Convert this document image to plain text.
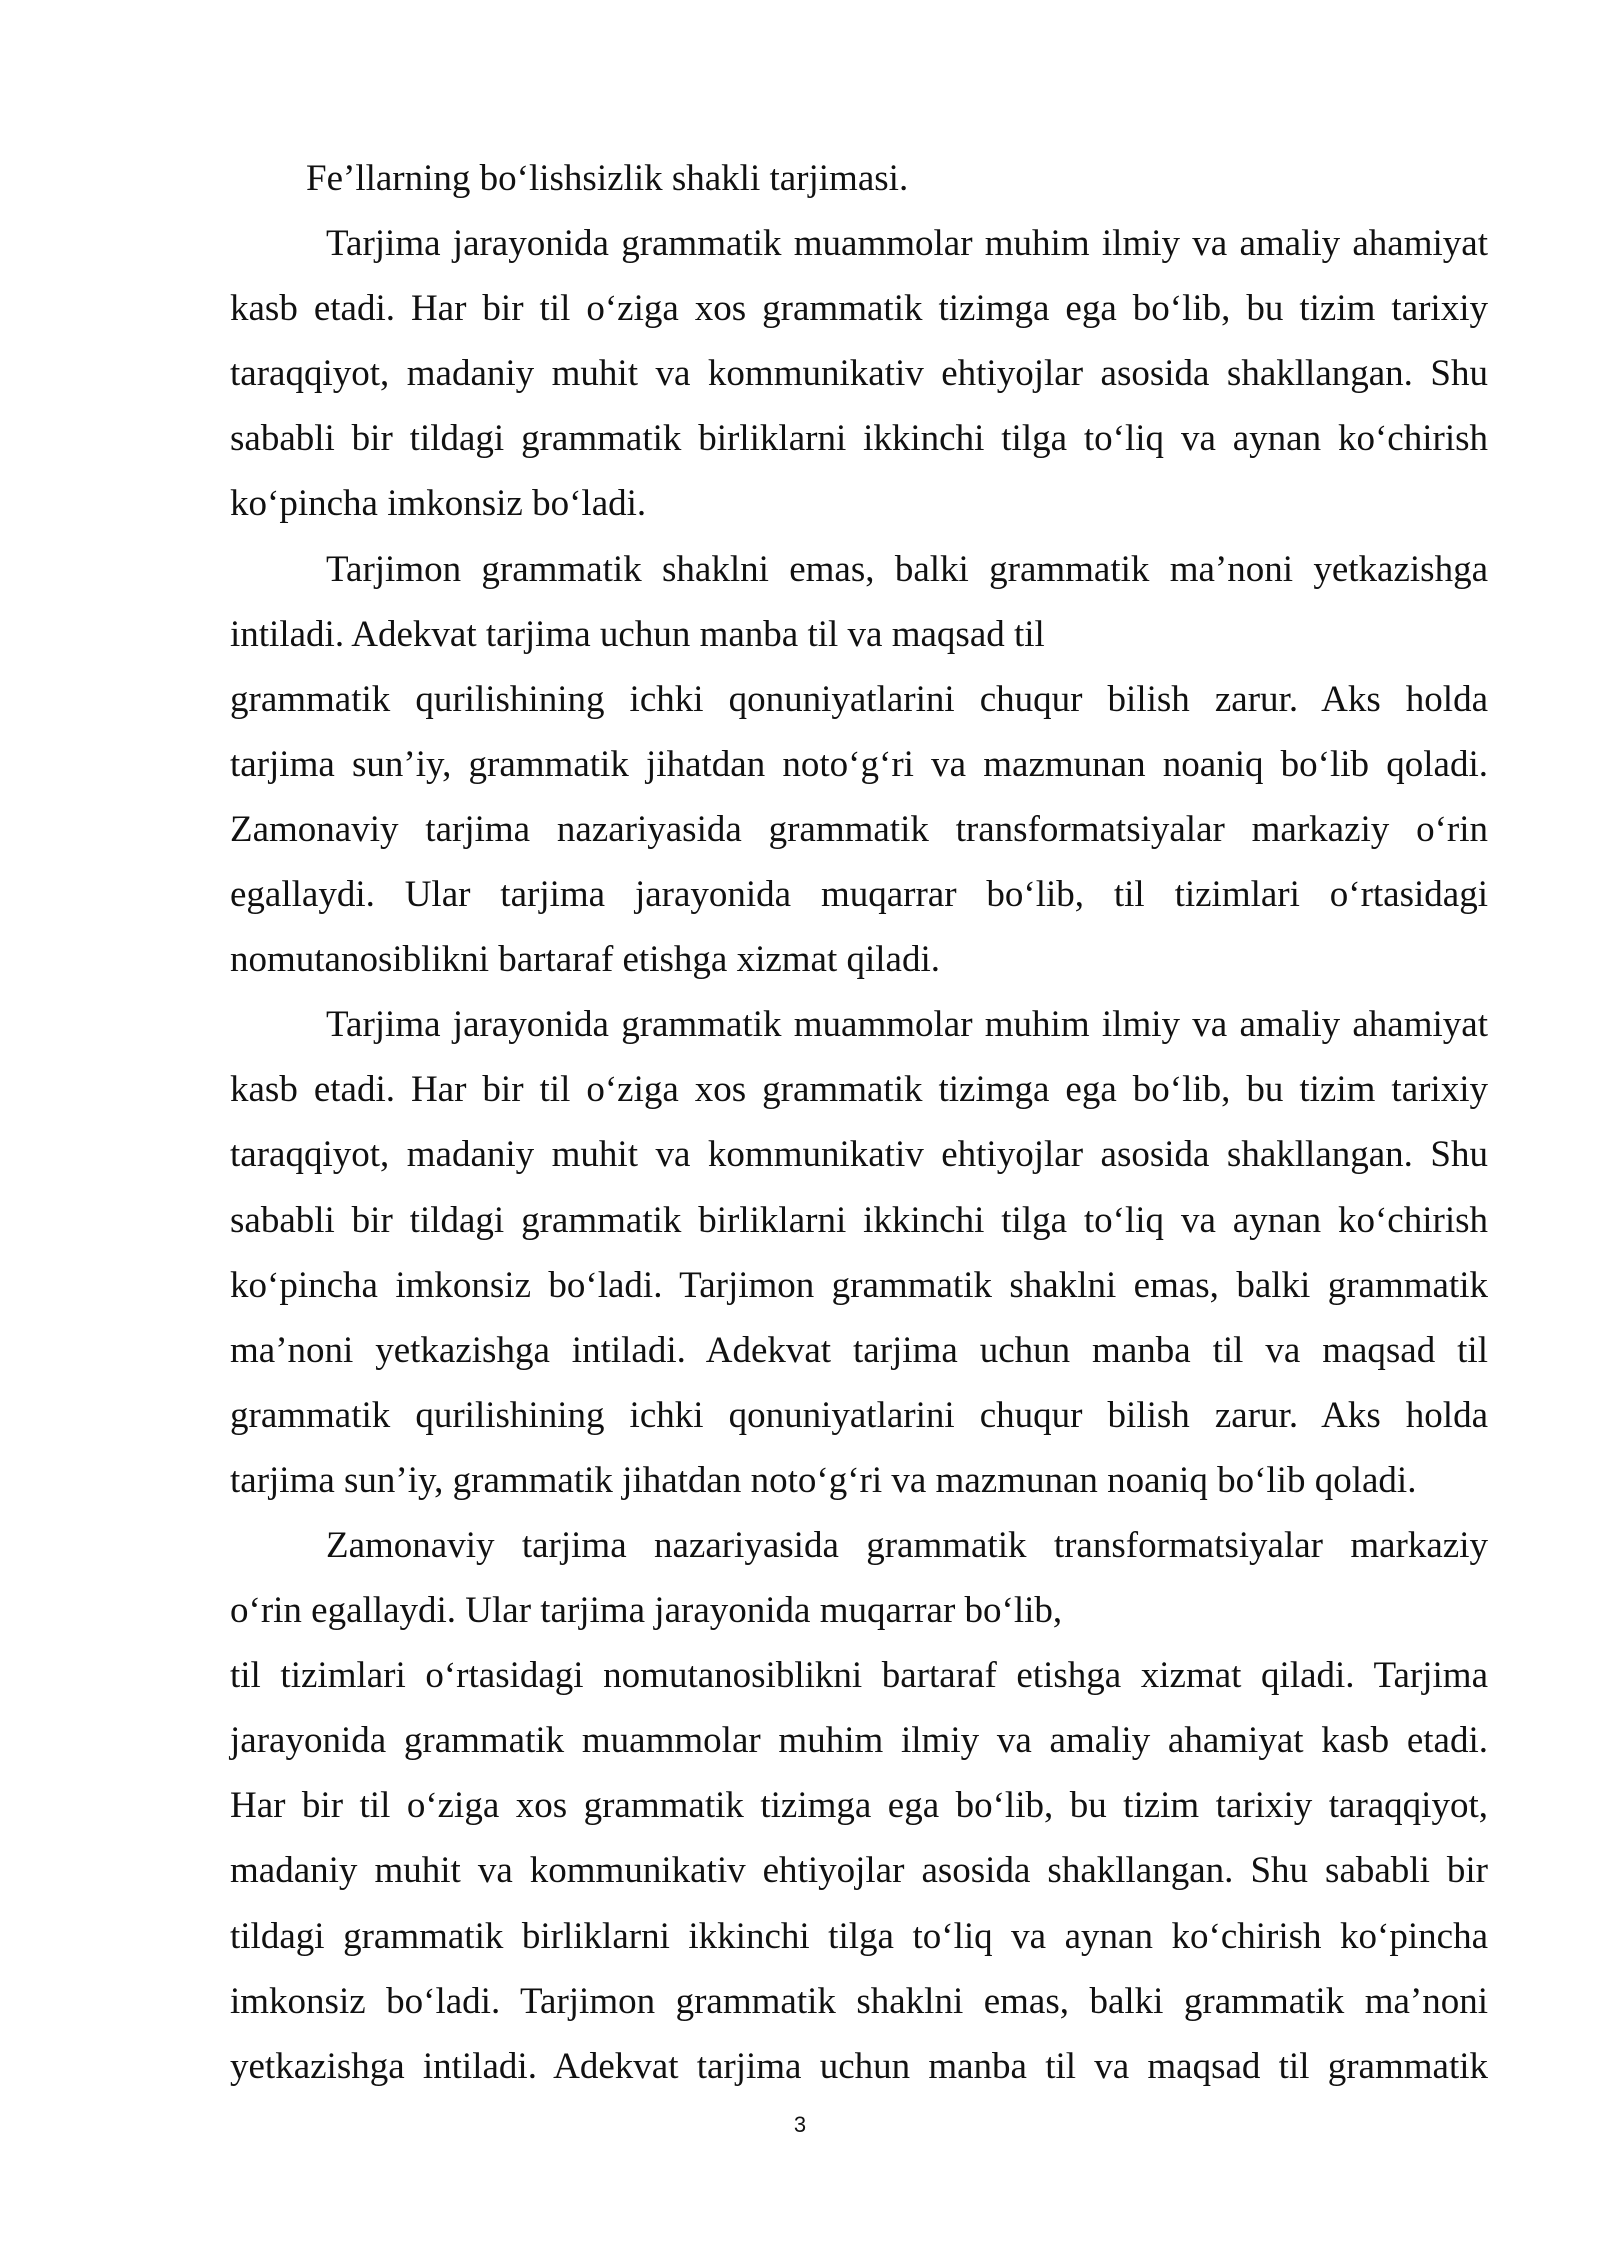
Fe’llarning bo‘lishsizlik shakli tarjimasi.

Tarjima jarayonida grammatik muammolar muhim ilmiy va amaliy ahamiyat

kasb etadi. Har bir til o‘ziga xos grammatik tizimga ega bo‘lib, bu tizim tarixiy

taraqqiyot, madaniy muhit va kommunikativ ehtiyojlar asosida shakllangan. Shu

sababli bir tildagi grammatik birliklarni ikkinchi tilga to‘liq va aynan ko‘chirish

ko‘pincha imkonsiz bo‘ladi.

Tarjimon grammatik shaklni emas, balki grammatik ma’noni yetkazishga

intiladi. Adekvat tarjima uchun manba til va maqsad til

grammatik qurilishining ichki qonuniyatlarini chuqur bilish zarur. Aks holda

tarjima sun’iy, grammatik jihatdan noto‘g‘ri va mazmunan noaniq bo‘lib qoladi.

Zamonaviy tarjima nazariyasida grammatik transformatsiyalar markaziy o‘rin

egallaydi. Ular tarjima jarayonida muqarrar bo‘lib, til tizimlari o‘rtasidagi

nomutanosiblikni bartaraf etishga xizmat qiladi.

Tarjima jarayonida grammatik muammolar muhim ilmiy va amaliy ahamiyat

kasb etadi. Har bir til o‘ziga xos grammatik tizimga ega bo‘lib, bu tizim tarixiy

taraqqiyot, madaniy muhit va kommunikativ ehtiyojlar asosida shakllangan. Shu

sababli bir tildagi grammatik birliklarni ikkinchi tilga to‘liq va aynan ko‘chirish

ko‘pincha imkonsiz bo‘ladi. Tarjimon grammatik shaklni emas, balki grammatik

ma’noni yetkazishga intiladi. Adekvat tarjima uchun manba til va maqsad til

grammatik qurilishining ichki qonuniyatlarini chuqur bilish zarur. Aks holda

tarjima sun’iy, grammatik jihatdan noto‘g‘ri va mazmunan noaniq bo‘lib qoladi.

Zamonaviy tarjima nazariyasida grammatik transformatsiyalar markaziy

o‘rin egallaydi. Ular tarjima jarayonida muqarrar bo‘lib,

til tizimlari o‘rtasidagi nomutanosiblikni bartaraf etishga xizmat qiladi. Tarjima

jarayonida grammatik muammolar muhim ilmiy va amaliy ahamiyat kasb etadi.

Har bir til o‘ziga xos grammatik tizimga ega bo‘lib, bu tizim tarixiy taraqqiyot,

madaniy muhit va kommunikativ ehtiyojlar asosida shakllangan. Shu sababli bir

tildagi grammatik birliklarni ikkinchi tilga to‘liq va aynan ko‘chirish ko‘pincha

imkonsiz bo‘ladi. Tarjimon grammatik shaklni emas, balki grammatik ma’noni

yetkazishga intiladi. Adekvat tarjima uchun manba til va maqsad til grammatik

3
